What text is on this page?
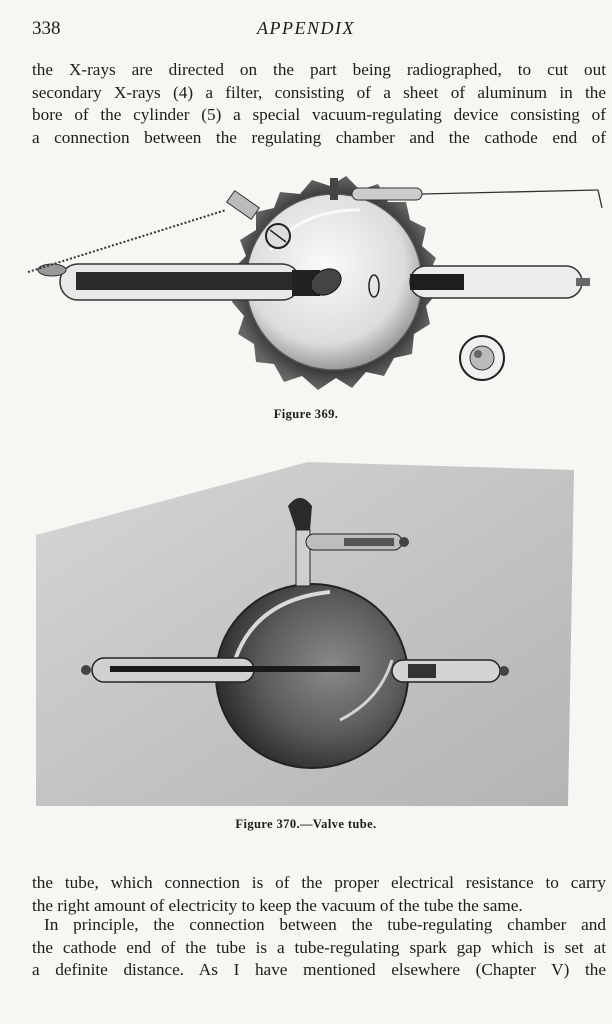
338	APPENDIX
the X-rays are directed on the part being radiographed, to cut out
secondary X-rays (4) a filter, consisting of a sheet of aluminum in the
bore of the cylinder (5) a special vacuum-regulating device consisting of
a connection between the regulating chamber and the cathode end of
Figure 369.
Figure 370.—Valve tube.
the tube, which connection is of the proper electrical resistance to carry
the right amount of electricity to keep the vacuum of the tube the same.
In principle, the connection between the tube-regulating chamber and
the cathode end of the tube is a tube-regulating spark gap which is set at
a definite distance. As I have mentioned elsewhere (Chapter V) the
